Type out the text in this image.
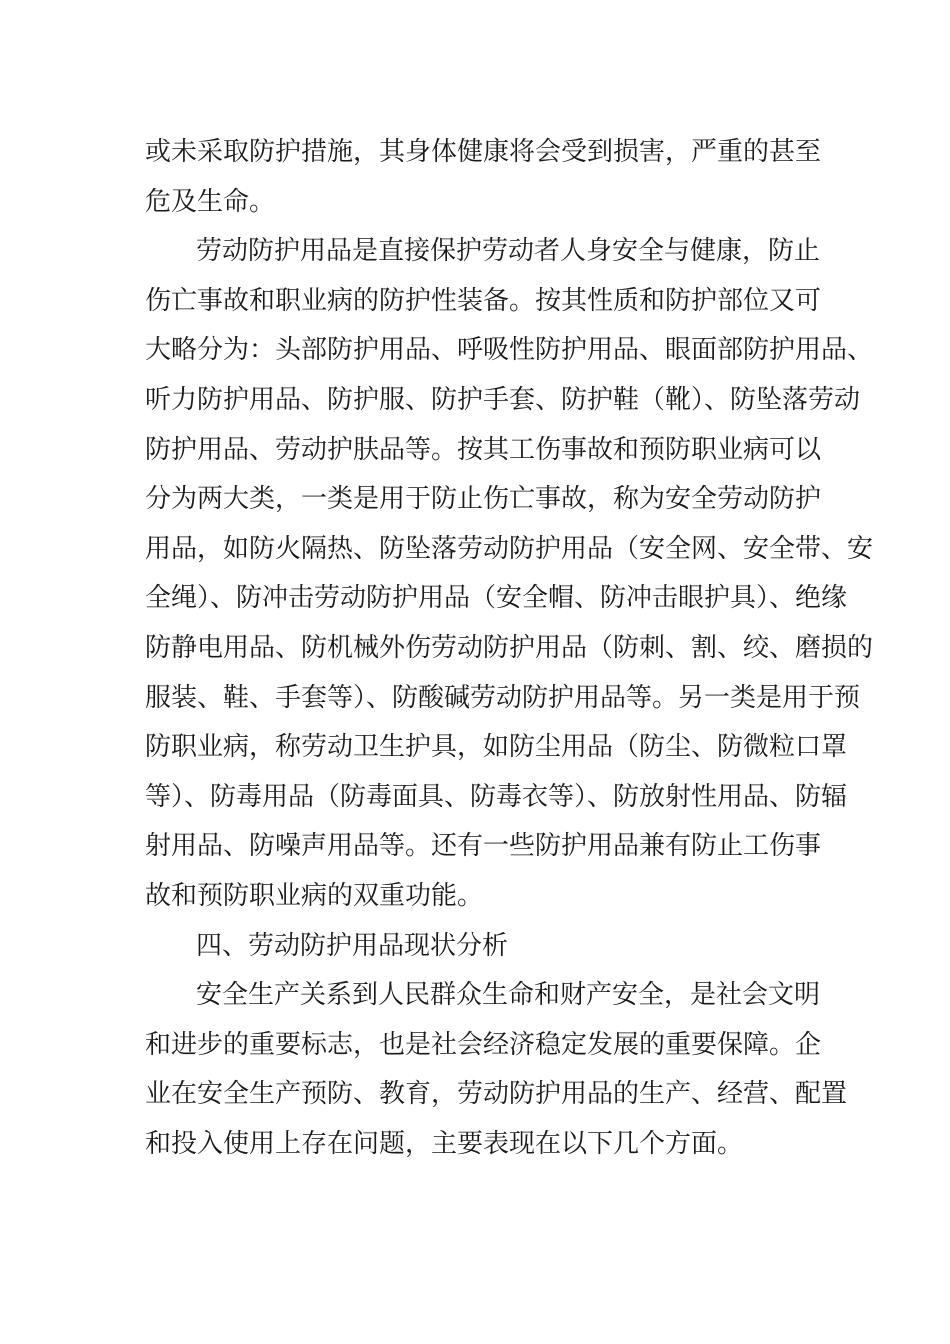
或未采取防护措施，其身体健康将会受到损害，严重的甚至
危及生命。
劳动防护用品是直接保护劳动者人身安全与健康，防止
伤亡事故和职业病的防护性装备。按其性质和防护部位又可
大略分为：头部防护用品、呼吸性防护用品、眼面部防护用品、
听力防护用品、防护服、防护手套、防护鞋（靴）、防坠落劳动
防护用品、劳动护肤品等。按其工伤事故和预防职业病可以
分为两大类，一类是用于防止伤亡事故，称为安全劳动防护
用品，如防火隔热、防坠落劳动防护用品（安全网、安全带、安
全绳）、防冲击劳动防护用品（安全帽、防冲击眼护具）、绝缘
防静电用品、防机械外伤劳动防护用品（防刺、割、绞、磨损的
服装、鞋、手套等）、防酸碱劳动防护用品等。另一类是用于预
防职业病，称劳动卫生护具，如防尘用品（防尘、防微粒口罩
等）、防毒用品（防毒面具、防毒衣等）、防放射性用品、防辐
射用品、防噪声用品等。还有一些防护用品兼有防止工伤事
故和预防职业病的双重功能。
四、劳动防护用品现状分析
安全生产关系到人民群众生命和财产安全，是社会文明
和进步的重要标志，也是社会经济稳定发展的重要保障。企
业在安全生产预防、教育，劳动防护用品的生产、经营、配置
和投入使用上存在问题，主要表现在以下几个方面。
